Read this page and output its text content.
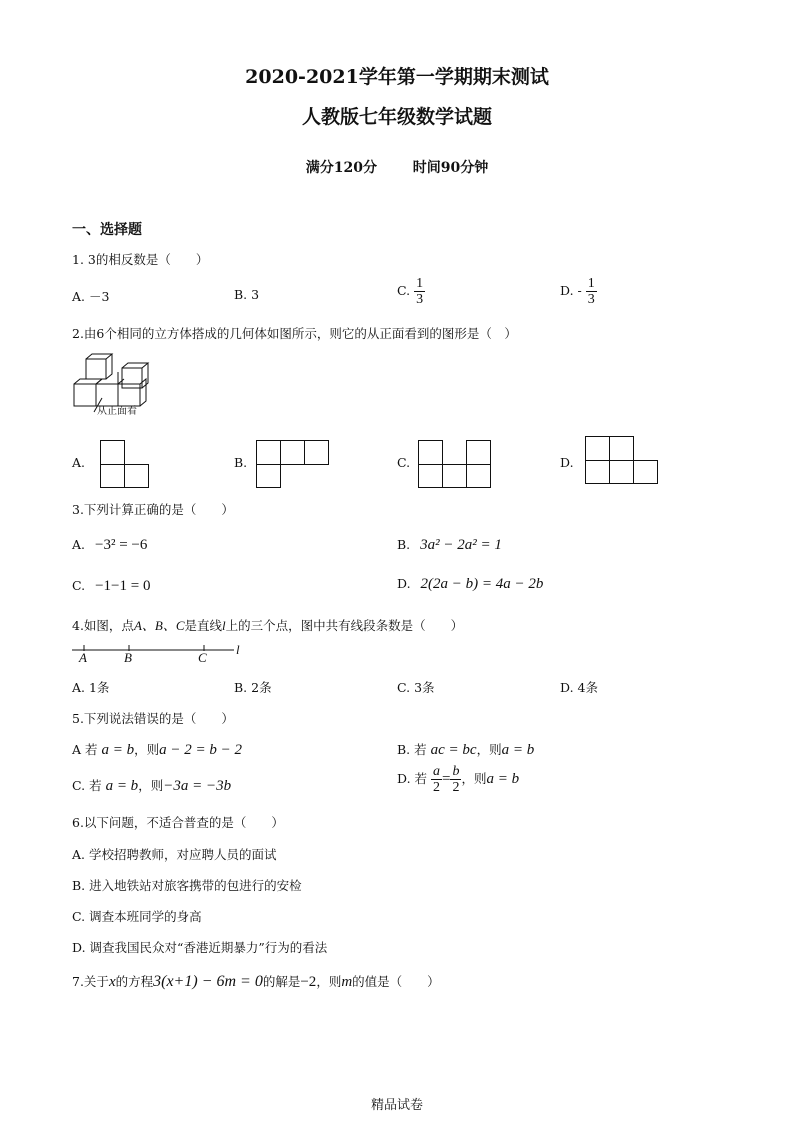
2020-2021学年第一学期期末测试
人教版七年级数学试题
满分120分	时间90分钟
一、选择题
1. 3的相反数是（　　）
A. －3	B. 3	C. $\frac{1}{3}$	D. - $\frac{1}{3}$
2.由6个相同的立方体搭成的几何体如图所示，则它的从正面看到的图形是（　）
从正面看
A.	B.	C.	D.
3.下列计算正确的是（　　）
A. −3² = −6	B. 3a² − 2a² = 1
C. −1−1 = 0	D. 2(2a − b) = 4a − 2b
4.如图，点A、B、C是直线l上的三个点，图中共有线段条数是（　　）
A	B	C
l
A. 1条	B. 2条	C. 3条	D. 4条
5.下列说法错误的是（　　）
A 若 a = b，则a − 2 = b − 2	B. 若 ac = bc，则a = b
C. 若 a = b，则−3a = −3b	D. 若 $\frac{a}{2} = \frac{b}{2}$ ，则a = b
6.以下问题，不适合普查的是（　　）
A. 学校招聘教师，对应聘人员的面试
B. 进入地铁站对旅客携带的包进行的安检
C. 调查本班同学的身高
D. 调查我国民众对“香港近期暴力”行为的看法
7.关于x的方程3(x+1) − 6m = 0的解是−2，则m的值是（　　）
精品试卷
